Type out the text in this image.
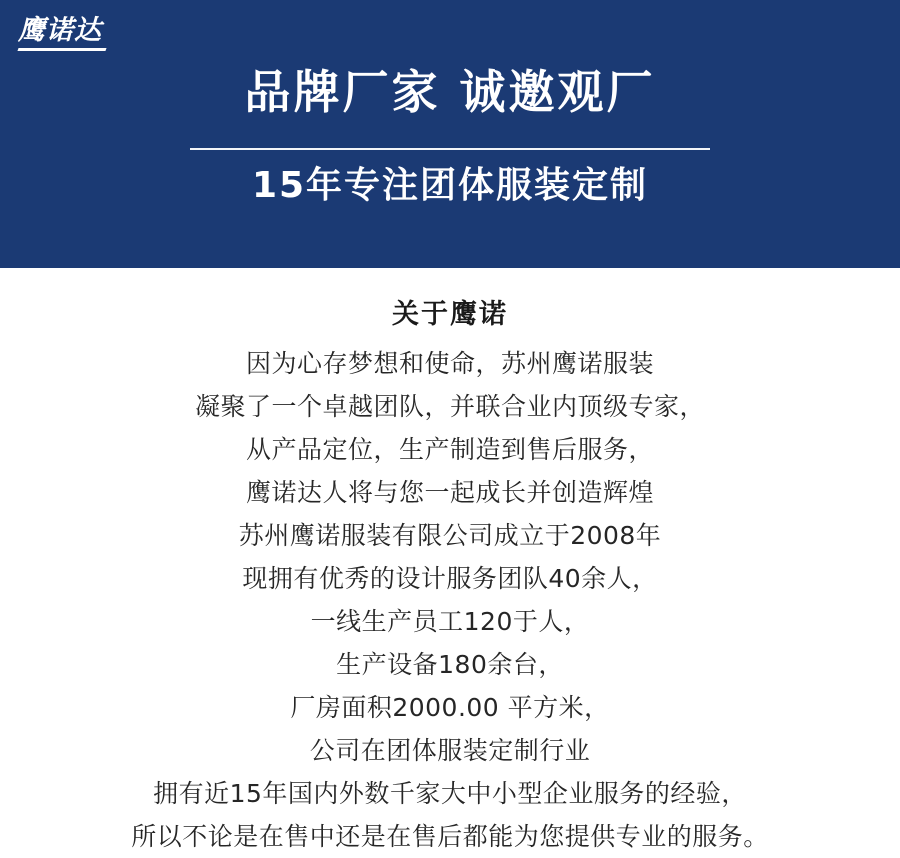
鹰诺达
品牌厂家 诚邀观厂
15年专注团体服装定制
关于鹰诺
因为心存梦想和使命，苏州鹰诺服装
凝聚了一个卓越团队，并联合业内顶级专家，
从产品定位，生产制造到售后服务，
鹰诺达人将与您一起成长并创造辉煌
苏州鹰诺服装有限公司成立于2008年
现拥有优秀的设计服务团队40余人，
一线生产员工120于人，
生产设备180余台，
厂房面积2000.00 平方米，
公司在团体服装定制行业
拥有近15年国内外数千家大中小型企业服务的经验，
所以不论是在售中还是在售后都能为您提供专业的服务。
